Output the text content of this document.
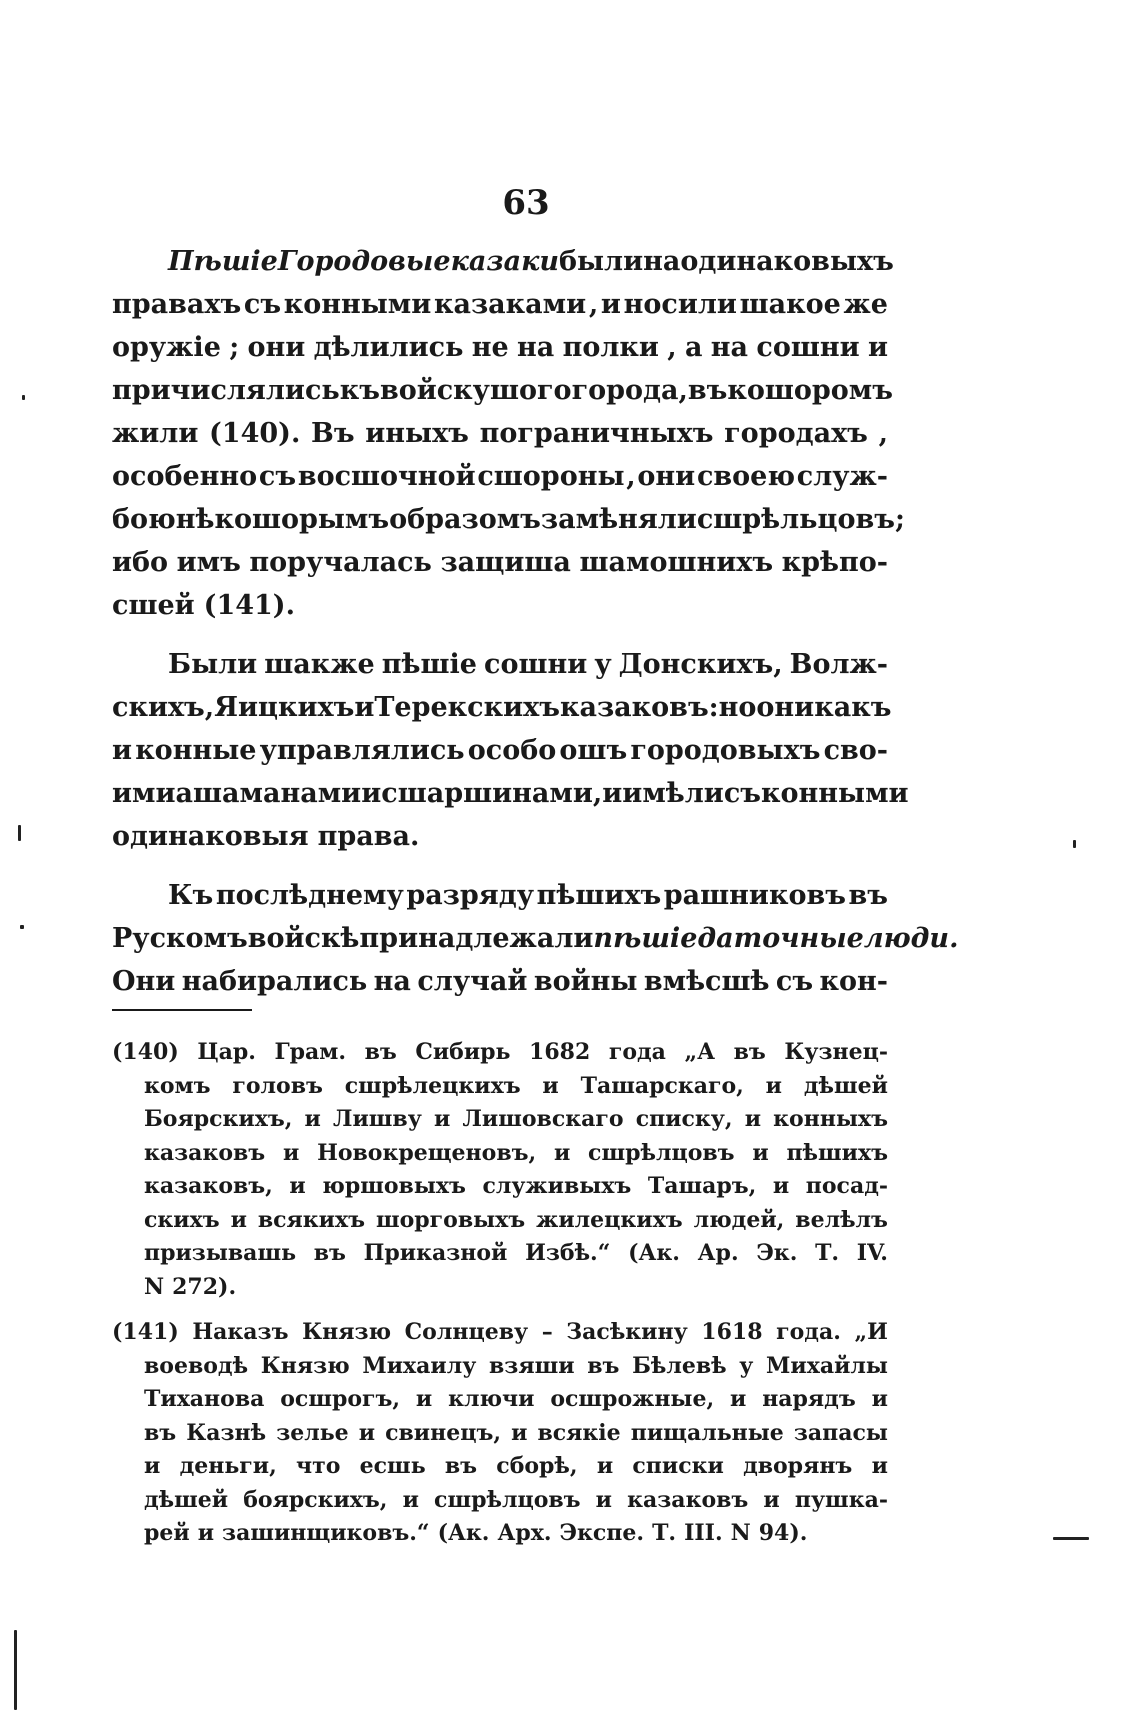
63
Пѣшіе Городовые казаки были на одинаковыхъ
правахъ съ конными казаками , и носили шакое же
оружіе ; они дѣлились не на полки , а на сошни и
причислялись къ войску шого города, въ кошоромъ
жили (140). Въ иныхъ пограничныхъ городахъ ,
особенно съ восшочной сшороны , они своею служ-
бою нѣкошорымъ образомъ замѣняли сшрѣльцовъ ;
ибо имъ поручалась защиша шамошнихъ крѣпо-
сшей (141).
Были шакже пѣшіе сошни у Донскихъ, Волж-
скихъ, Яицкихъ и Терекскихъ казаковъ: но они какъ
и конные управлялись особо ошъ городовыхъ сво-
ими ашаманами и сшаршинами, и имѣли съ конными
одинаковыя права.
Къ послѣднему разряду пѣшихъ рашниковъ въ
Рускомъ войскѣ принадлежали пѣшіе даточные люди.
Они набирались на случай войны вмѣсшѣ съ кон-
(140) Цар. Грам. въ Сибирь 1682 года „А въ Кузнец-
комъ головъ сшрѣлецкихъ и Ташарскаго, и дѣшей
Боярскихъ, и Лишву и Лишовскаго списку, и конныхъ
казаковъ и Новокрещеновъ, и сшрѣлцовъ и пѣшихъ
казаковъ, и юршовыхъ служивыхъ Ташаръ, и посад-
скихъ и всякихъ шорговыхъ жилецкихъ людей, велѣлъ
призывашь въ Приказной Избѣ.“ (Ак. Ар. Эк. Т. IV.
N 272).
(141) Наказъ Князю Солнцеву – Засѣкину 1618 года. „И
воеводѣ Князю Михаилу взяши въ Бѣлевѣ у Михайлы
Тиханова осшрогъ, и ключи осшрожные, и нарядъ и
въ Казнѣ зелье и свинецъ, и всякіе пищальные запасы
и деньги, что есшь въ сборѣ, и списки дворянъ и
дѣшей боярскихъ, и сшрѣлцовъ и казаковъ и пушка-
рей и зашинщиковъ.“ (Ак. Арх. Экспе. Т. III. N 94).
